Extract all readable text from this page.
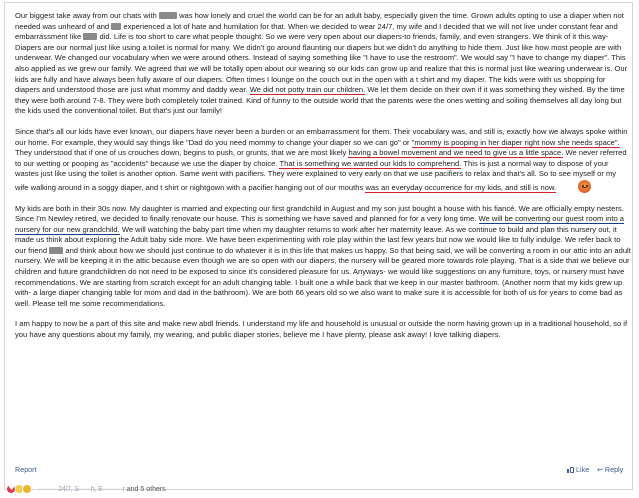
Our biggest take away from our chats with	was how lonely and cruel the world can be for an adult baby, especially given the time. Grown adults opting to use a diaper when not needed was unheard of and experienced a lot of hate and humilation for that. When we decided to wear 24/7, my wife and I decided that we will not live under constant fear and embarrassment like did. Life is too short to care what people thought. So we were very open about our diapers-to friends, family, and even strangers. We think of it this way- Diapers are our normal just like using a toilet is normal for many. We didn't go around flaunting our diapers but we didn't do anything to hide them. Just like how most people are with underwear. We changed our vocabulary when we were around others. Instead of saying something like "I have to use the restroom". We would say "I have to change my diaper". This also applied as we grew our family. We agreed that we will be totally open about our wearing so our kids can grow up and realize that this is normal just like wearing underwear is. Our kids are fully and have always been fully aware of our diapers. Often times I lounge on the couch out in the open with a t shirt and my diaper. The kids were with us shopping for diapers and understood those are just what mommy and daddy wear. We did not potty train our children. We let them decide on their own if it was something they wished. By the time they were both around 7-8. They were both completely toilet trained. Kind of funny to the outside world that the parents were the ones wetting and soiling themselves all day long but the kids used the conventional toilet. But that's just our family!

Since that's all our kids have ever known, our diapers have never been a burden or an embarrassment for them. Their vocabulary was, and still is, exactly how we always spoke within our home. For example, they would say things like "Dad do you need mommy to change your diaper so we can go" or "mommy is pooping in her diaper right now she needs space". They understood that if one of us crouches down, begins to push, or grunts, that we are most likely having a bowel movement and we need to give us a little space. We never referred to our wetting or pooping as "accidents" because we use the diaper by choice. That is something we wanted our kids to comprehend. This is just a normal way to dispose of your wastes just like using the toilet is another option. Same went with pacifiers. They were explained to very early on that we use pacifiers to relax and that's all. So to see myself or my wife walking around in a soggy diaper, and t shirt or nightgown with a pacifier hanging out of our mouths was an everyday occurrence for my kids, and still is now.

My kids are both in their 30s now. My daughter is married and expecting our first grandchild in August and my son just bought a house with his fiancé. We are officially empty nesters. Since I'm Newley retired, we decided to finally renovate our house. This is something we have saved and planned for for a very long time. We will be converting our guest room into a nursery for our new grandchild. We will watching the baby part time when my daughter returns to work after her maternity leave. As we continue to build and plan this nursery out, it made us think about exploring the Adult baby side more. We have been experimenting with role play within the last few years but now we would like to fully indulge. We refer back to our friend and think about how we should just continue to do whatever it is in this life that makes us happy. So that being said, we will be converting a room in our attic into an adult nursery. We will be keeping it in the attic because even though we are so open with our diapers, the nursery will be geared more towards role playing. That is a side that we believe our children and future grandchildren do not need to be exposed to since it's considered pleasure for us. Anyways- we would like suggestions on any furniture, toys, or nursery must have recommendations. We are starting from scratch except for an adult changing table. I built one a while back that we keep in our master bathroom. (Another norm that my kids grew up with- a large diaper changing table for mom and dad in the bathroom). We are both 66 years old so we also want to make sure it is accessible for both of us for years to come bad as well. Please tell me some recommendations.

I am happy to now be a part of this site and make new abdl friends. I understand my life and household is unusual or outside the norm having grown up in a traditional household, so if you have any questions about my family, my wearing, and public diaper stories, believe me I have plenty, please ask away! I love talking diapers.

Report	Like ↩ Reply
♥
··········24/7, S······h, E··········r and 5 others
